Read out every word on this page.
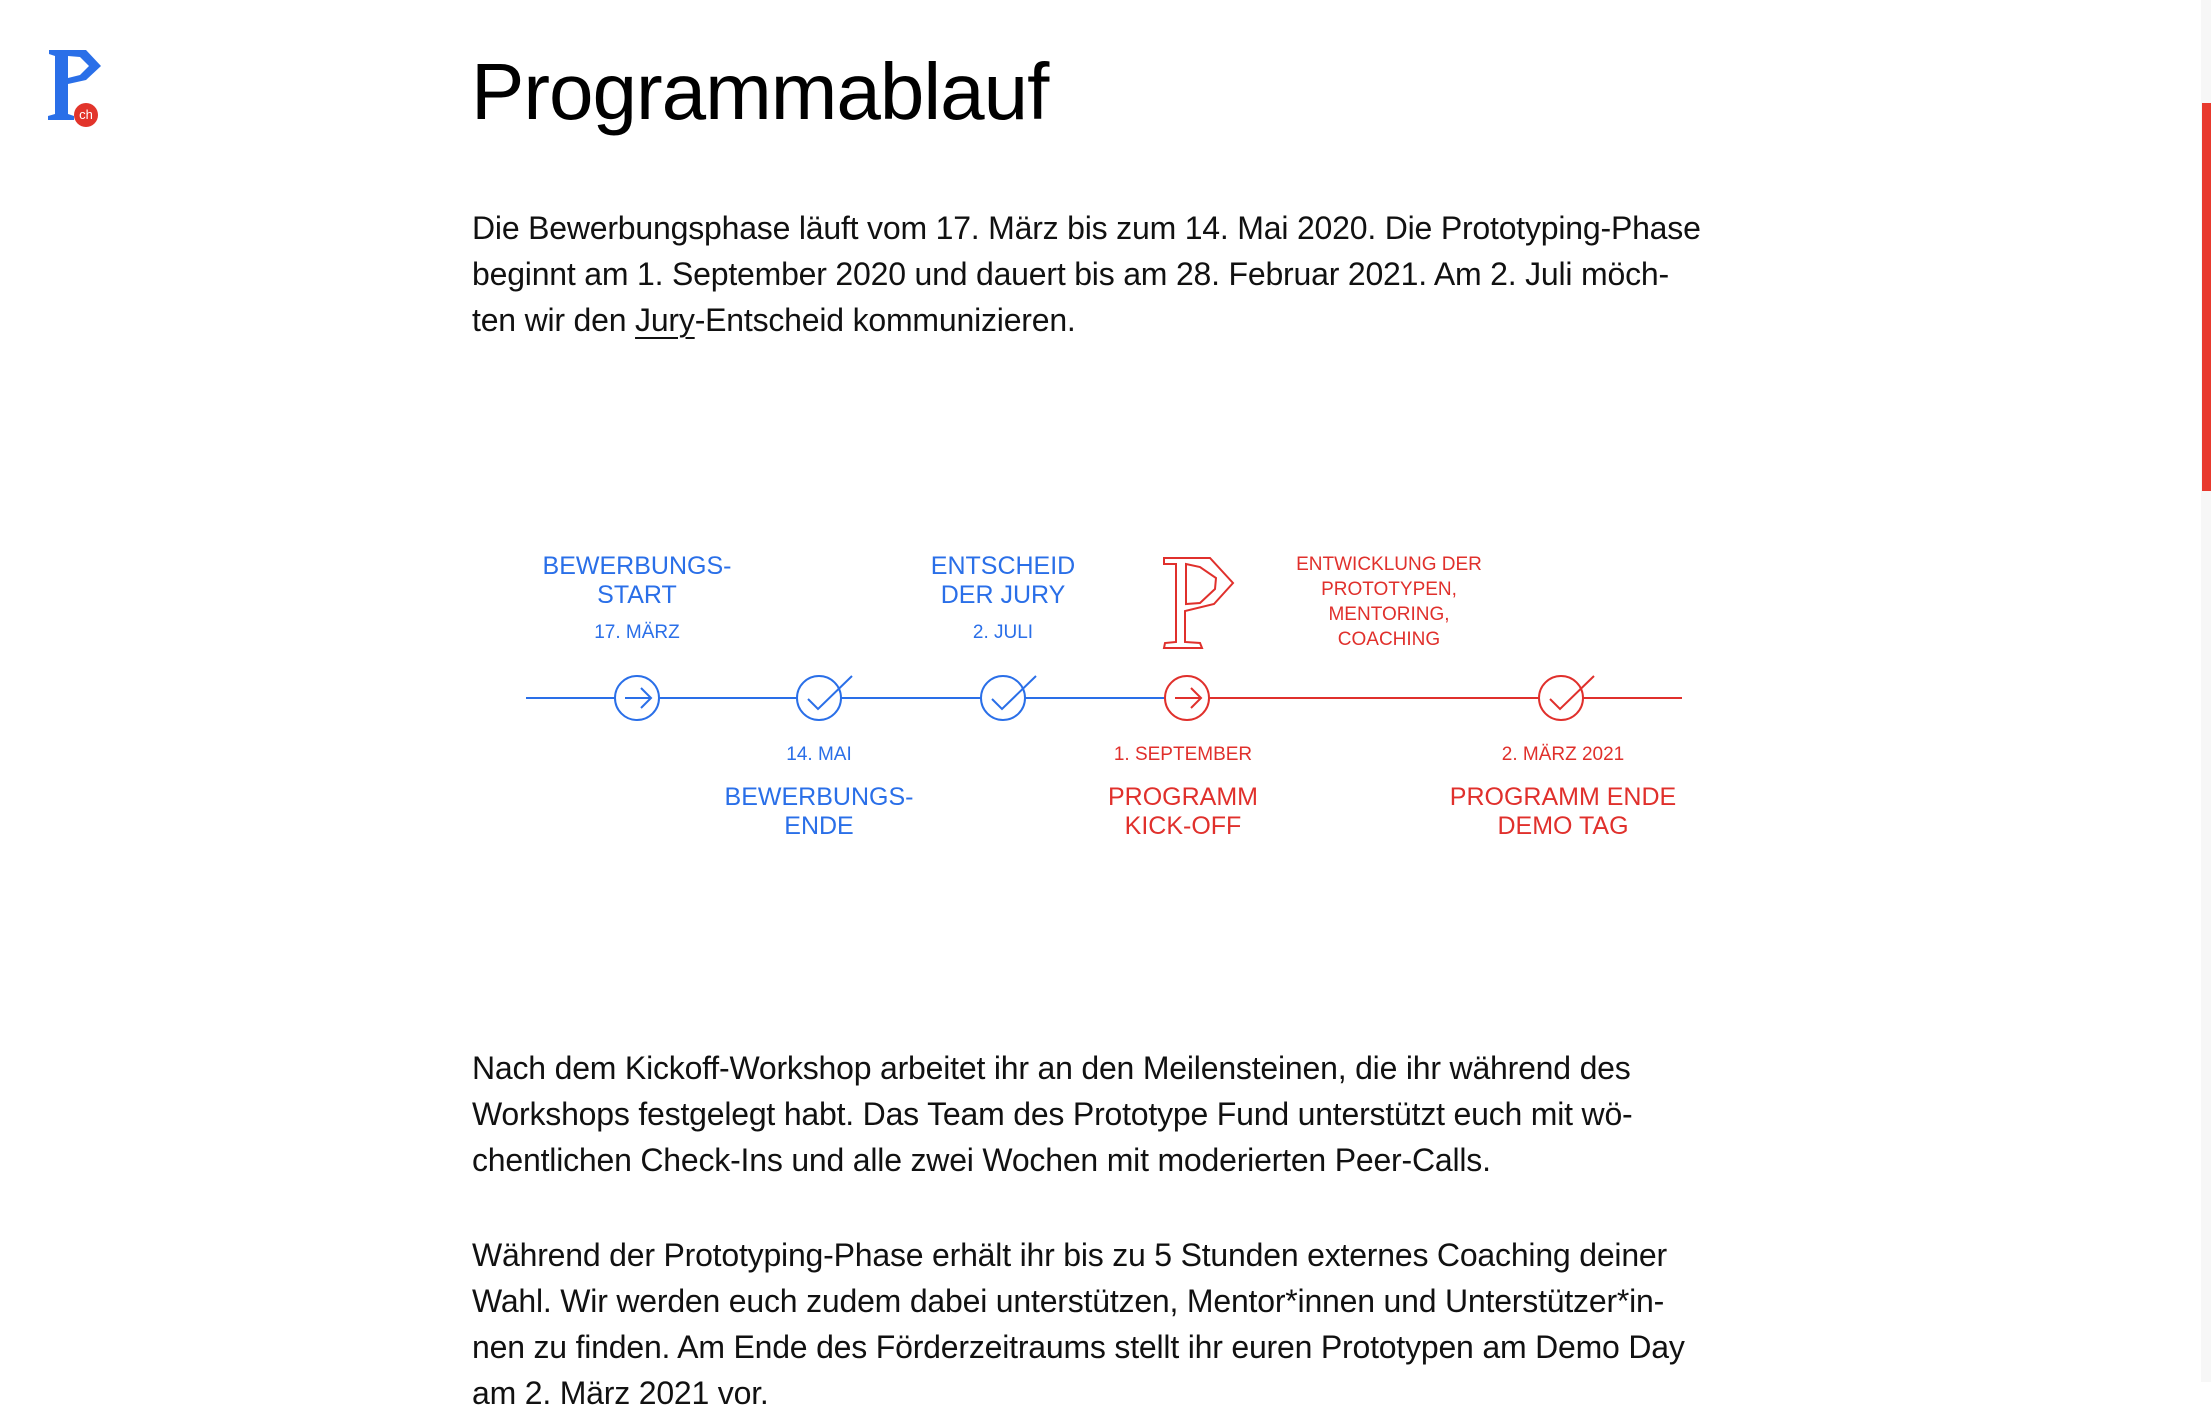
ch	Programmablauf

Die Bewerbungsphase läuft vom 17. März bis zum 14. Mai 2020. Die Prototyping-Phase
beginnt am 1. September 2020 und dauert bis am 28. Februar 2021. Am 2. Juli möch-
ten wir den Jury-Entscheid kommunizieren.

BEWERBUNGS-
START
17. MÄRZ
ENTSCHEID
DER JURY
2. JULI
ENTWICKLUNG DER
PROTOTYPEN,
MENTORING,
COACHING
14. MAI
BEWERBUNGS-
ENDE
1. SEPTEMBER
PROGRAMM
KICK-OFF
2. MÄRZ 2021
PROGRAMM ENDE
DEMO TAG

Nach dem Kickoff-Workshop arbeitet ihr an den Meilensteinen, die ihr während des
Workshops festgelegt habt. Das Team des Prototype Fund unterstützt euch mit wö-
chentlichen Check-Ins und alle zwei Wochen mit moderierten Peer-Calls.

Während der Prototyping-Phase erhält ihr bis zu 5 Stunden externes Coaching deiner
Wahl. Wir werden euch zudem dabei unterstützen, Mentor*innen und Unterstützer*in-
nen zu finden. Am Ende des Förderzeitraums stellt ihr euren Prototypen am Demo Day
am 2. März 2021 vor.
